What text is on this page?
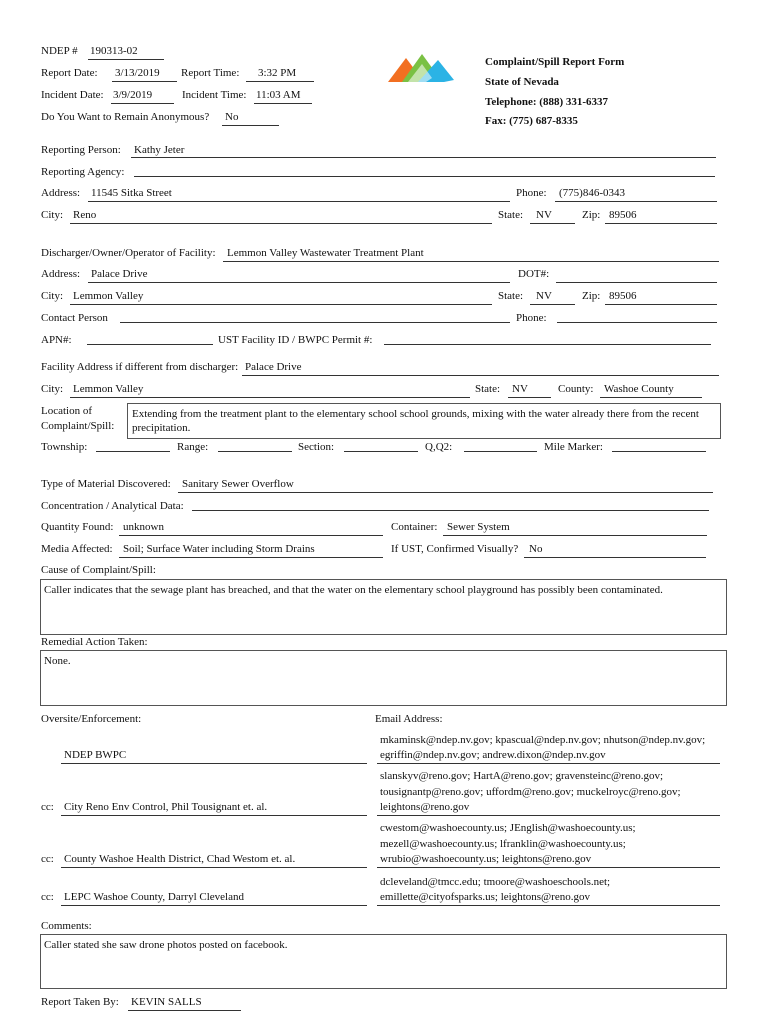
NDEP # 190313-02
Report Date: 3/13/2019 Report Time: 3:32 PM
Incident Date: 3/9/2019	Incident Time: 11:03 AM
Do You Want to Remain Anonymous? No
Complaint/Spill Report Form
State of Nevada
Telephone: (888) 331-6337
Fax: (775) 687-8335
Reporting Person: Kathy Jeter
Reporting Agency:
Address: 11545 Sitka Street	Phone: (775)846-0343
City: Reno	State: NV	Zip: 89506
Discharger/Owner/Operator of Facility: Lemmon Valley Wastewater Treatment Plant
Address: Palace Drive	DOT#:
City: Lemmon Valley	State: NV	Zip: 89506
Contact Person	Phone:
APN#:	UST Facility ID / BWPC Permit #:
Facility Address if different from discharger: Palace Drive
City: Lemmon Valley	State: NV	County: Washoe County
Location of
Complaint/Spill:
Extending from the treatment plant to the elementary school school grounds, mixing with the water already there from the recent precipitation.
Township:	Range:	Section:	Q,Q2:	Mile Marker:
Type of Material Discovered: Sanitary Sewer Overflow
Concentration / Analytical Data:
Quantity Found: unknown	Container: Sewer System
Media Affected: Soil; Surface Water including Storm Drains	If UST, Confirmed Visually? No
Cause of Complaint/Spill:
Caller indicates that the sewage plant has breached, and that the water on the elementary school playground has possibly been contaminated.
Remedial Action Taken:
None.
Oversite/Enforcement:	Email Address:
NDEP BWPC
mkaminsk@ndep.nv.gov; kpascual@ndep.nv.gov; nhutson@ndep.nv.gov;
egriffin@ndep.nv.gov; andrew.dixon@ndep.nv.gov
cc: City Reno Env Control, Phil Tousignant et. al.
slanskyv@reno.gov; HartA@reno.gov; gravensteinc@reno.gov;
tousignantp@reno.gov; uffordm@reno.gov; muckelroyc@reno.gov;
leightons@reno.gov
cc: County Washoe Health District, Chad Westom et. al.
cwestom@washoecounty.us; JEnglish@washoecounty.us;
mezell@washoecounty.us; lfranklin@washoecounty.us;
wrubio@washoecounty.us; leightons@reno.gov
cc: LEPC Washoe County, Darryl Cleveland
dcleveland@tmcc.edu; tmoore@washoeschools.net;
emillette@cityofsparks.us; leightons@reno.gov
Comments:
Caller stated she saw drone photos posted on facebook.
Report Taken By: KEVIN SALLS
